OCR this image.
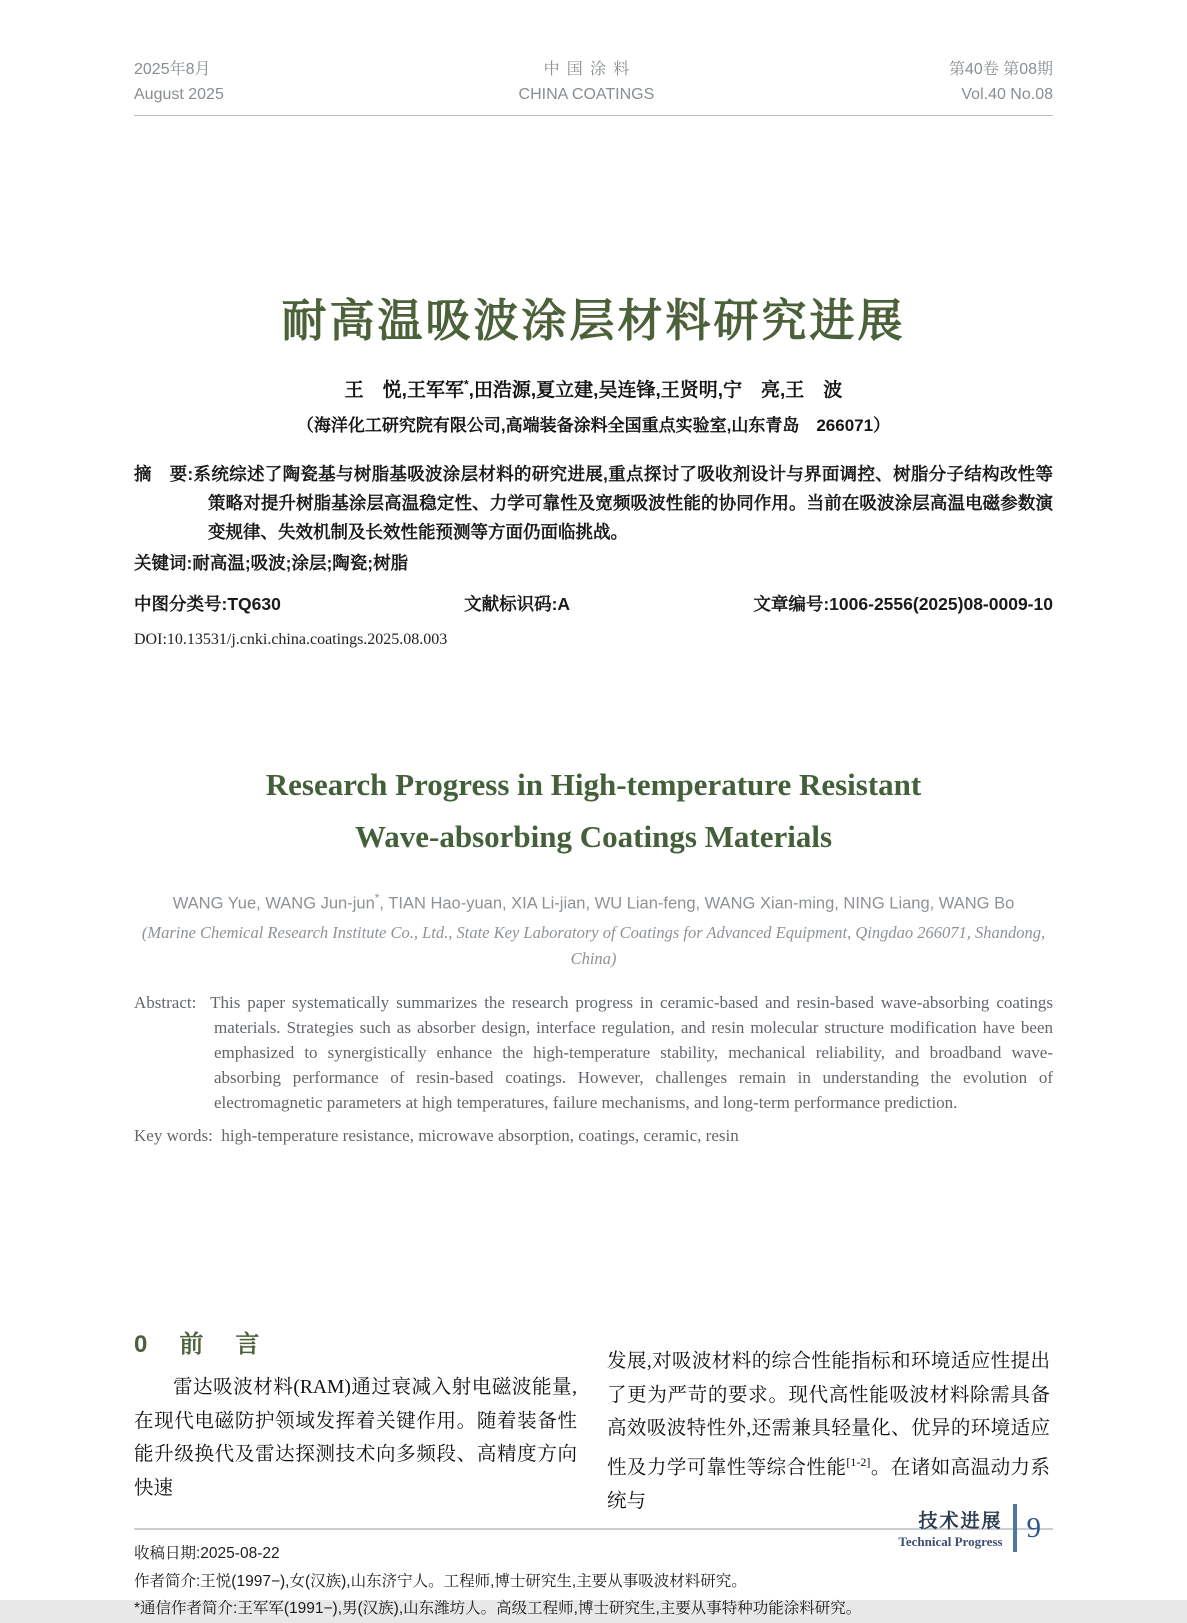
2025年8月
August 2025
中国涂料
CHINA COATINGS
第40卷 第08期
Vol.40 No.08
耐高温吸波涂层材料研究进展
王　悦,王军军*,田浩源,夏立建,吴连锋,王贤明,宁　亮,王　波
（海洋化工研究院有限公司,高端装备涂料全国重点实验室,山东青岛　266071）
摘　要:系统综述了陶瓷基与树脂基吸波涂层材料的研究进展,重点探讨了吸收剂设计与界面调控、树脂分子结构改性等策略对提升树脂基涂层高温稳定性、力学可靠性及宽频吸波性能的协同作用。当前在吸波涂层高温电磁参数演变规律、失效机制及长效性能预测等方面仍面临挑战。
关键词:耐高温;吸波;涂层;陶瓷;树脂
中图分类号:TQ630	文献标识码:A	文章编号:1006-2556(2025)08-0009-10
DOI:10.13531/j.cnki.china.coatings.2025.08.003
Research Progress in High-temperature Resistant
Wave-absorbing Coatings Materials
WANG Yue, WANG Jun-jun*, TIAN Hao-yuan, XIA Li-jian, WU Lian-feng, WANG Xian-ming, NING Liang, WANG Bo
(Marine Chemical Research Institute Co., Ltd., State Key Laboratory of Coatings for Advanced Equipment, Qingdao 266071, Shandong, China)
Abstract: This paper systematically summarizes the research progress in ceramic-based and resin-based wave-absorbing coatings materials. Strategies such as absorber design, interface regulation, and resin molecular structure modification have been emphasized to synergistically enhance the high-temperature stability, mechanical reliability, and broadband wave-absorbing performance of resin-based coatings. However, challenges remain in understanding the evolution of electromagnetic parameters at high temperatures, failure mechanisms, and long-term performance prediction.
Key words: high-temperature resistance, microwave absorption, coatings, ceramic, resin
0　前　言
雷达吸波材料(RAM)通过衰减入射电磁波能量,在现代电磁防护领域发挥着关键作用。随着装备性能升级换代及雷达探测技术向多频段、高精度方向快速
发展,对吸波材料的综合性能指标和环境适应性提出了更为严苛的要求。现代高性能吸波材料除需具备高效吸波特性外,还需兼具轻量化、优异的环境适应性及力学可靠性等综合性能[1-2]。在诸如高温动力系统与
收稿日期:2025-08-22
作者简介:王悦(1997−),女(汉族),山东济宁人。工程师,博士研究生,主要从事吸波材料研究。
*通信作者简介:王军军(1991−),男(汉族),山东潍坊人。高级工程师,博士研究生,主要从事特种功能涂料研究。
技术进展
Technical Progress 9
